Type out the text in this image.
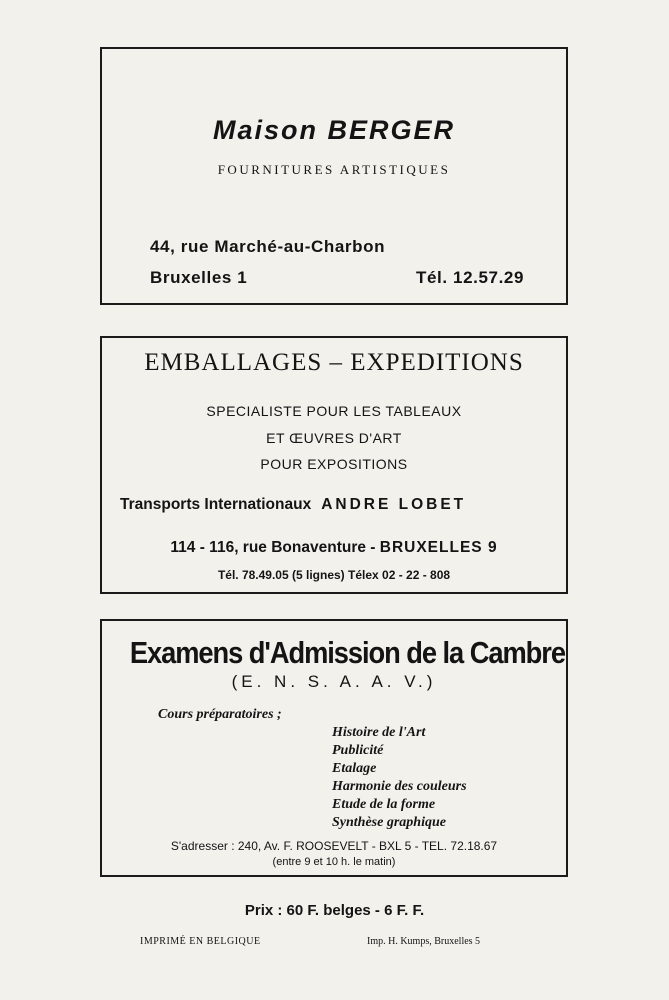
Maison BERGER
FOURNITURES ARTISTIQUES
44, rue Marché-au-Charbon
Bruxelles 1	Tél. 12.57.29
EMBALLAGES – EXPEDITIONS
SPECIALISTE POUR LES TABLEAUX
ET ŒUVRES D'ART
POUR EXPOSITIONS
Transports Internationaux ANDRE LOBET
114 - 116, rue Bonaventure - BRUXELLES 9
Tél. 78.49.05 (5 lignes) Télex 02 - 22 - 808
Examens d'Admission de la Cambre
(E. N. S. A. A. V.)
Cours préparatoires ;
Histoire de l'Art
Publicité
Etalage
Harmonie des couleurs
Etude de la forme
Synthèse graphique
S'adresser : 240, Av. F. ROOSEVELT - BXL 5 - TEL. 72.18.67
(entre 9 et 10 h. le matin)
Prix : 60 F. belges - 6 F. F.
IMPRIMÉ EN BELGIQUE	Imp. H. Kumps, Bruxelles 5
